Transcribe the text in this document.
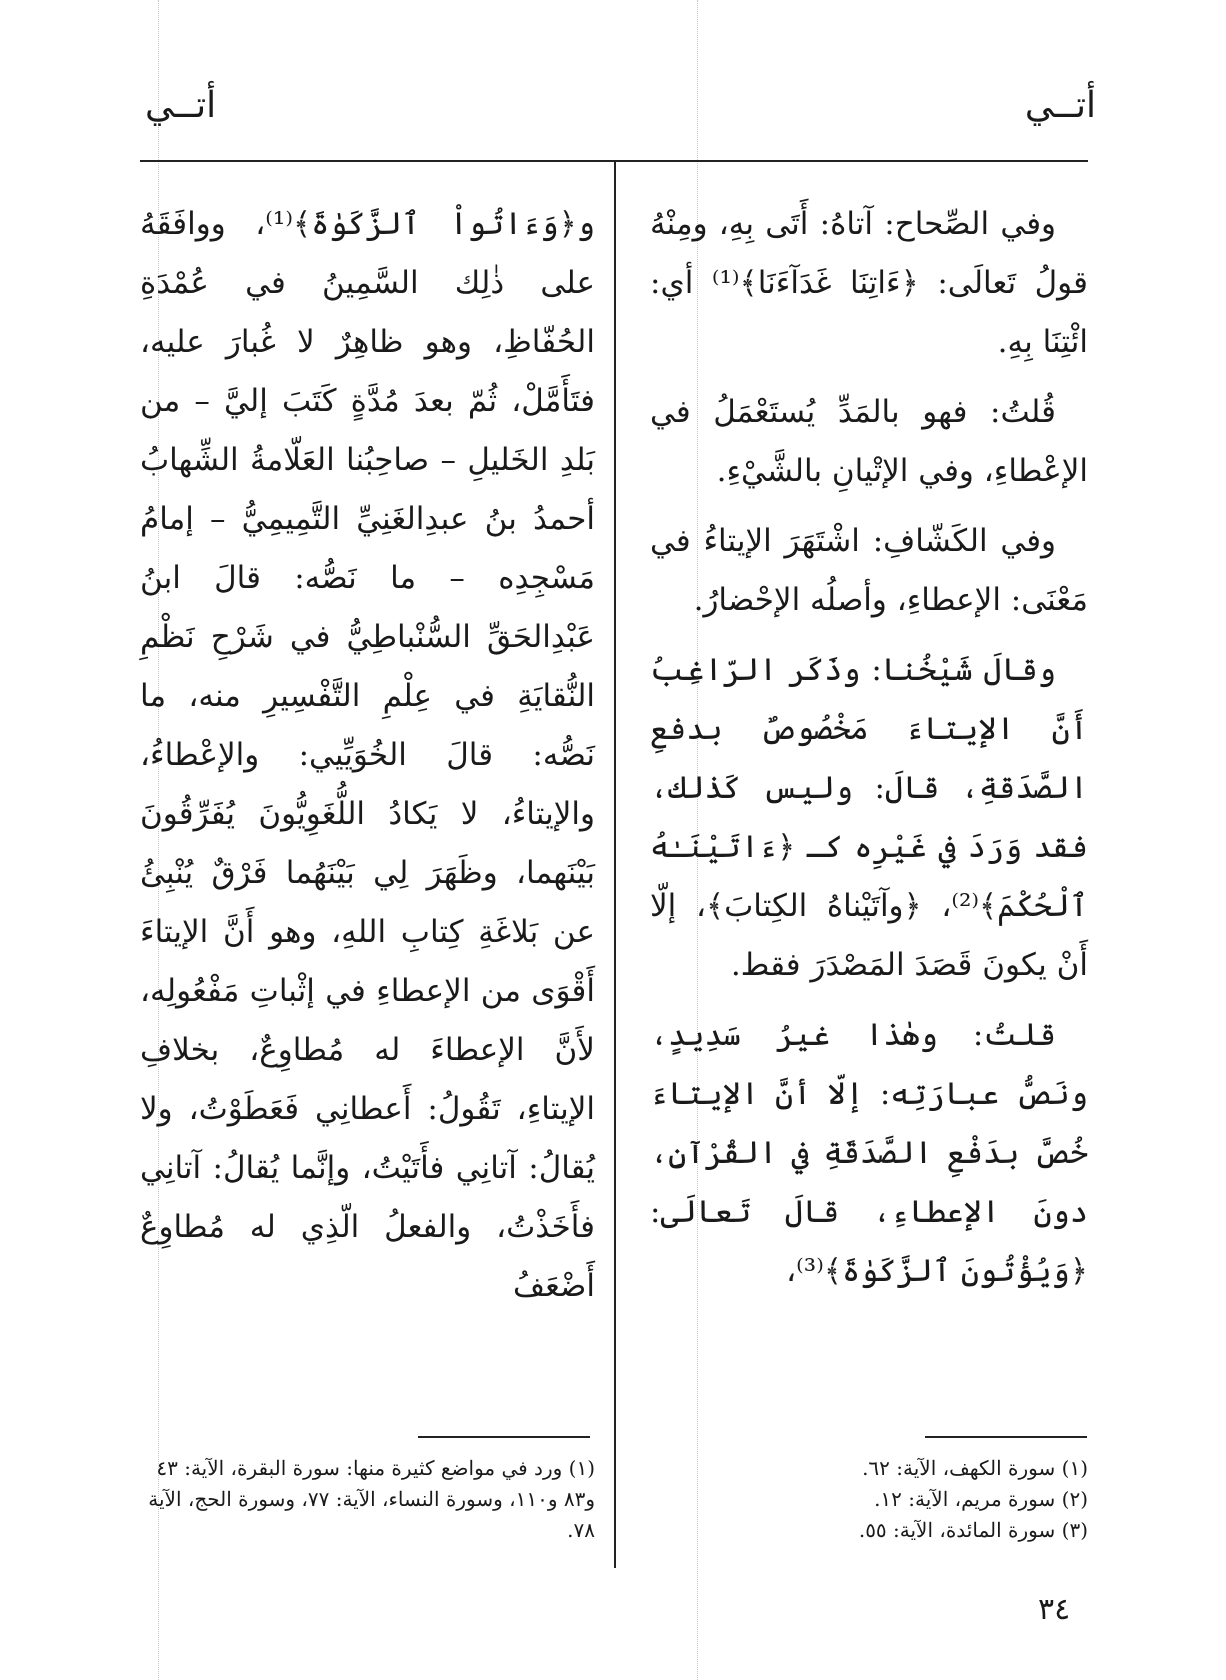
أتــي
أتــي

وفي الصِّحاح: آتاهُ: أَتَى بِهِ، ومِنْهُ قولُ تَعالَى: ﴿ءَاتِنَا غَدَآءَنَا﴾⁽¹⁾ أي: ائْتِنَا بِهِ.

قُلتُ: فهو بالمَدِّ يُستَعْمَلُ في الإعْطاءِ، وفي الإتْيانِ بالشَّيْءِ.

وفي الكَشّافِ: اشْتَهَرَ الإيتاءُ في مَعْنَى: الإعطاءِ، وأصلُه الإحْضارُ.

وقالَ شَيْخُنا: وذَكَر الرّاغِبُ أَنَّ الإيتاءَ مَخْصُوصٌ بدفعِ الصَّدَقةِ، قالَ: وليس كَذٰلك، فقد وَرَدَ في غَيْرِه كـ ﴿ءَاتَيْنَـٰهُ ٱلْحُكْمَ﴾⁽²⁾، ﴿وآتَيْناهُ الكِتابَ﴾، إلّا أَنْ يكونَ قَصَدَ المَصْدَرَ فقط.

قلتُ: وهٰذا غيرُ سَدِيدٍ، ونَصُّ عبارَتِه: إلّا أنَّ الإيتاءَ خُصَّ بدَفْعِ الصَّدَقَةِ في القُرْآنِ، دونَ الإعطاءِ، قالَ تَعالَى: ﴿وَيُؤْتُونَ ٱلزَّكَوٰةَ﴾⁽³⁾،

و﴿وَءَاتُواْ ٱلزَّكَوٰةَ﴾⁽¹⁾، ووافَقَهُ على ذٰلِك السَّمِينُ في عُمْدَةِ الحُفّاظِ، وهو ظاهِرٌ لا غُبارَ عليه، فتَأَمَّلْ، ثُمّ بعدَ مُدَّةٍ كَتَبَ إليَّ – من بَلدِ الخَليلِ – صاحِبُنا العَلّامةُ الشِّهابُ أحمدُ بنُ عبدِالغَنِيِّ التَّمِيمِيُّ – إمامُ مَسْجِدِه – ما نَصُّه: قالَ ابنُ عَبْدِالحَقِّ السُّنْباطِيُّ في شَرْحِ نَظْمِ النُّقايَةِ في عِلْمِ التَّفْسِيرِ منه، ما نَصُّه: قالَ الخُوَيِّيي: والإعْطاءُ، والإيتاءُ، لا يَكادُ اللُّغَوِيُّونَ يُفَرِّقُونَ بَيْنَهما، وظَهَرَ لِي بَيْنَهُما فَرْقٌ يُنْبِئُ عن بَلاغَةِ كِتابِ اللهِ، وهو أَنَّ الإيتاءَ أَقْوَى من الإعطاءِ في إثْباتِ مَفْعُولِه، لأَنَّ الإعطاءَ له مُطاوِعٌ، بخلافِ الإيتاءِ، تَقُولُ: أَعطانِي فَعَطَوْتُ، ولا يُقالُ: آتانِي فأَتَيْتُ، وإنَّما يُقالُ: آتانِي فأَخَذْتُ، والفعلُ الّذِي له مُطاوِعٌ أَضْعَفُ

(١) سورة الكهف، الآية: ٦٢.
(٢) سورة مريم، الآية: ١٢.
(٣) سورة المائدة، الآية: ٥٥.
(١) ورد في مواضع كثيرة منها: سورة البقرة، الآية: ٤٣ و٨٣ و١١٠، وسورة النساء، الآية: ٧٧، وسورة الحج، الآية ٧٨.
٣٤
